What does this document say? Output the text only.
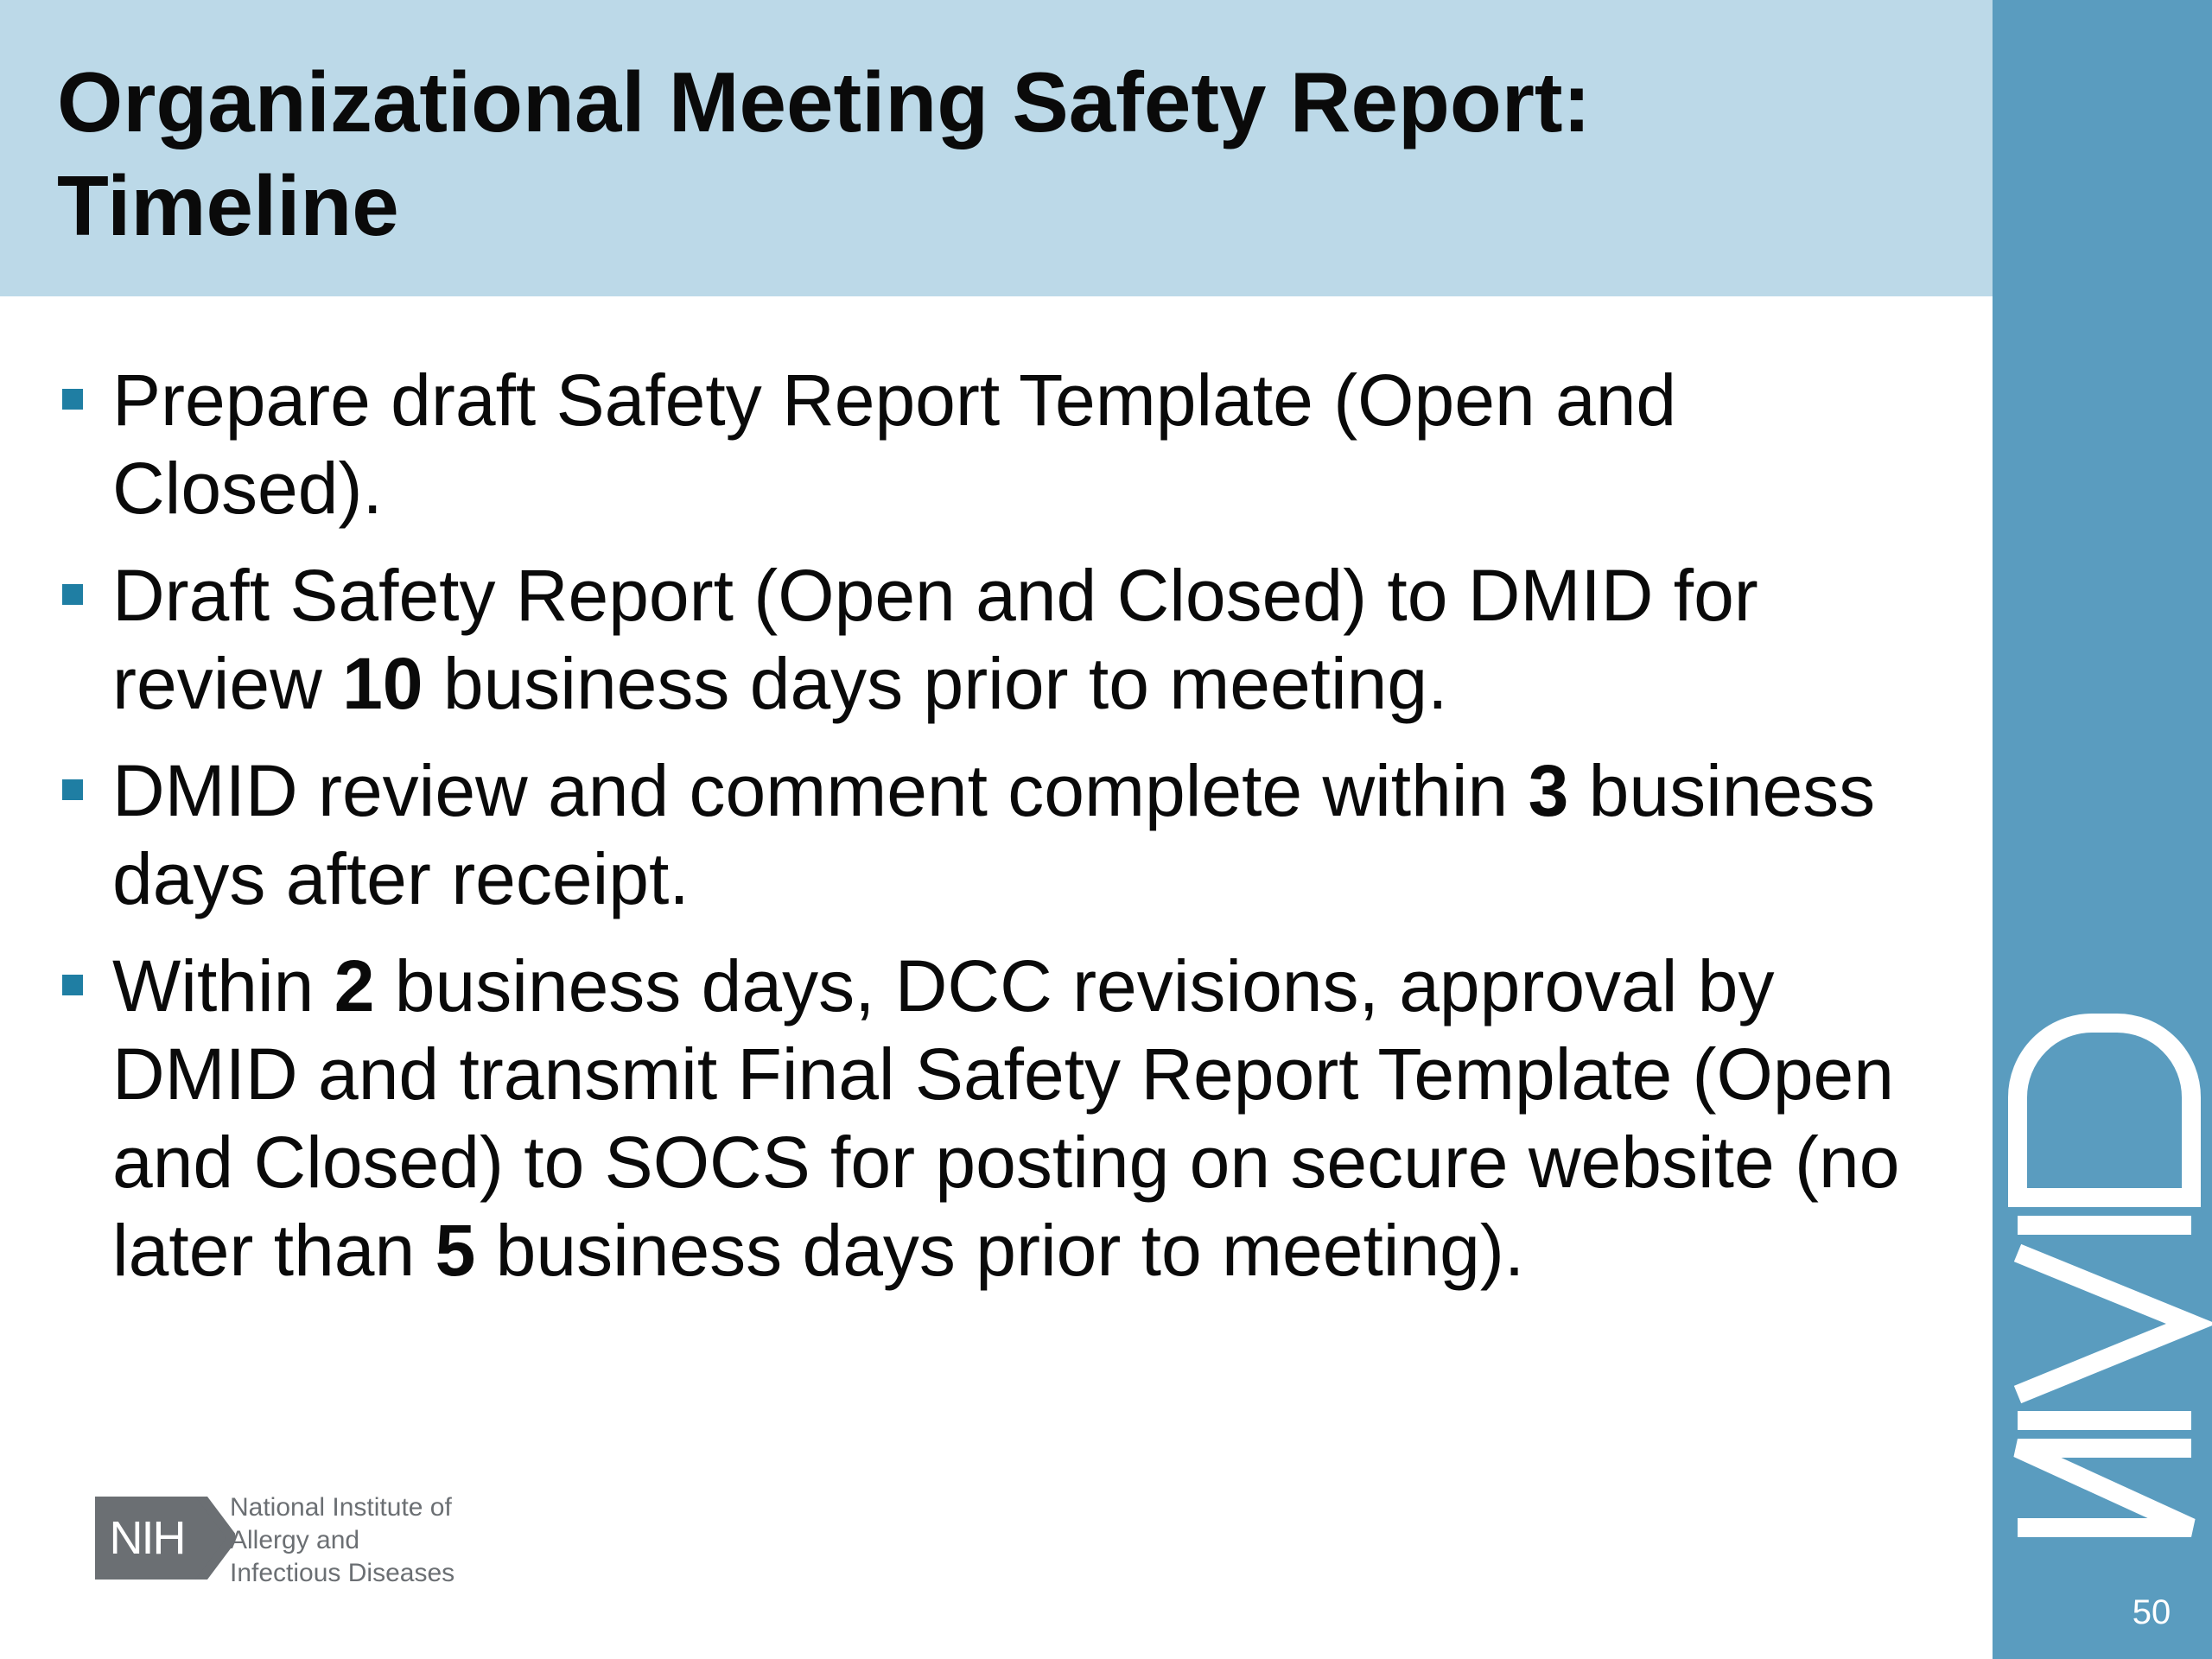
Organizational Meeting Safety Report:
Timeline
50
Prepare draft Safety Report Template (Open and Closed).
Draft Safety Report (Open and Closed) to DMID for review 10 business days prior to meeting.
DMID review and comment complete within 3 business days after receipt.
Within 2 business days, DCC revisions, approval by DMID and transmit Final Safety Report Template (Open and Closed) to SOCS for posting on secure website (no later than 5 business days prior to meeting).
NIH
National Institute of
Allergy and
Infectious Diseases
